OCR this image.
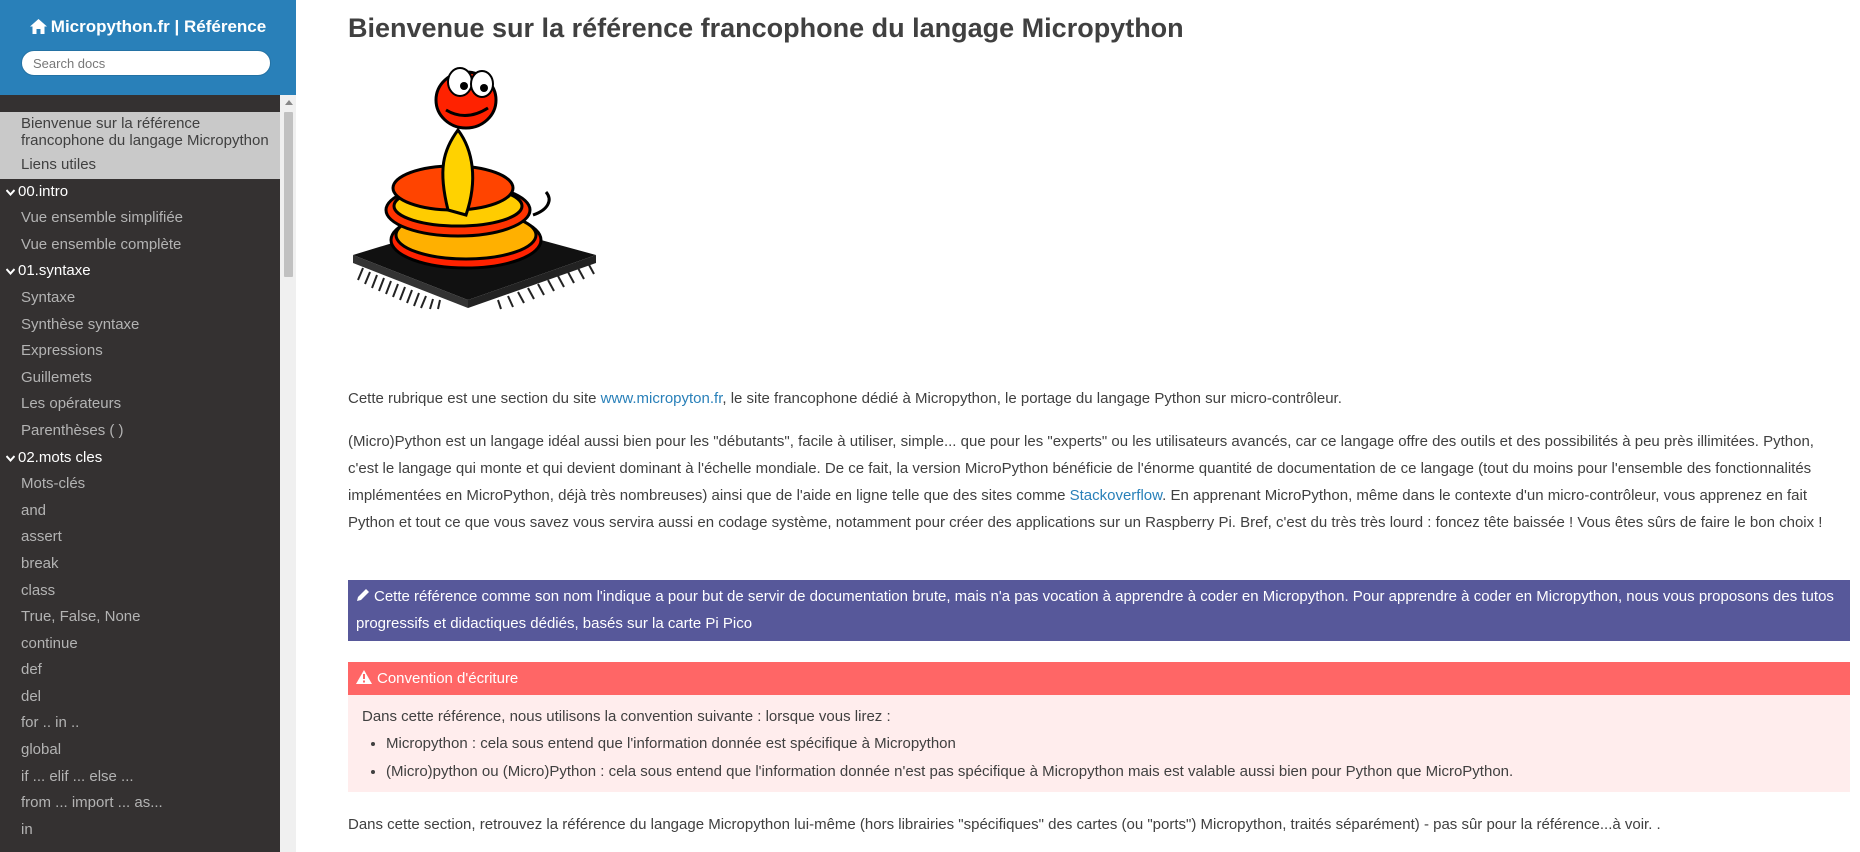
Micropython.fr | Référence
Search docs
Bienvenue sur la référence francophone du langage Micropython
Liens utiles
00.intro
Vue ensemble simplifiée
Vue ensemble complète
01.syntaxe
Syntaxe
Synthèse syntaxe
Expressions
Guillemets
Les opérateurs
Parenthèses ( )
02.mots cles
Mots-clés
and
assert
break
class
True, False, None
continue
def
del
for .. in ..
global
if ... elif ... else ...
from ... import ... as...
in
Bienvenue sur la référence francophone du langage Micropython

Cette rubrique est une section du site www.micropyton.fr, le site francophone dédié à Micropython, le portage du langage Python sur micro-contrôleur.

(Micro)Python est un langage idéal aussi bien pour les "débutants", facile à utiliser, simple... que pour les "experts" ou les utilisateurs avancés, car ce langage offre des outils et des possibilités à peu près illimitées. Python, c'est le langage qui monte et qui devient dominant à l'échelle mondiale. De ce fait, la version MicroPython bénéficie de l'énorme quantité de documentation de ce langage (tout du moins pour l'ensemble des fonctionnalités implémentées en MicroPython, déjà très nombreuses) ainsi que de l'aide en ligne telle que des sites comme Stackoverflow. En apprenant MicroPython, même dans le contexte d'un micro-contrôleur, vous apprenez en fait Python et tout ce que vous savez vous servira aussi en codage système, notamment pour créer des applications sur un Raspberry Pi. Bref, c'est du très très lourd : foncez tête baissée ! Vous êtes sûrs de faire le bon choix !

Cette référence comme son nom l'indique a pour but de servir de documentation brute, mais n'a pas vocation à apprendre à coder en Micropython. Pour apprendre à coder en Micropython, nous vous proposons des tutos progressifs et didactiques dédiés, basés sur la carte Pi Pico
Convention d'écriture
Dans cette référence, nous utilisons la convention suivante : lorsque vous lirez :
• Micropython : cela sous entend que l'information donnée est spécifique à Micropython
• (Micro)python ou (Micro)Python : cela sous entend que l'information donnée n'est pas spécifique à Micropython mais est valable aussi bien pour Python que MicroPython.

Dans cette section, retrouvez la référence du langage Micropython lui-même (hors librairies "spécifiques" des cartes (ou "ports") Micropython, traités séparément) - pas sûr pour la référence...à voir. .
